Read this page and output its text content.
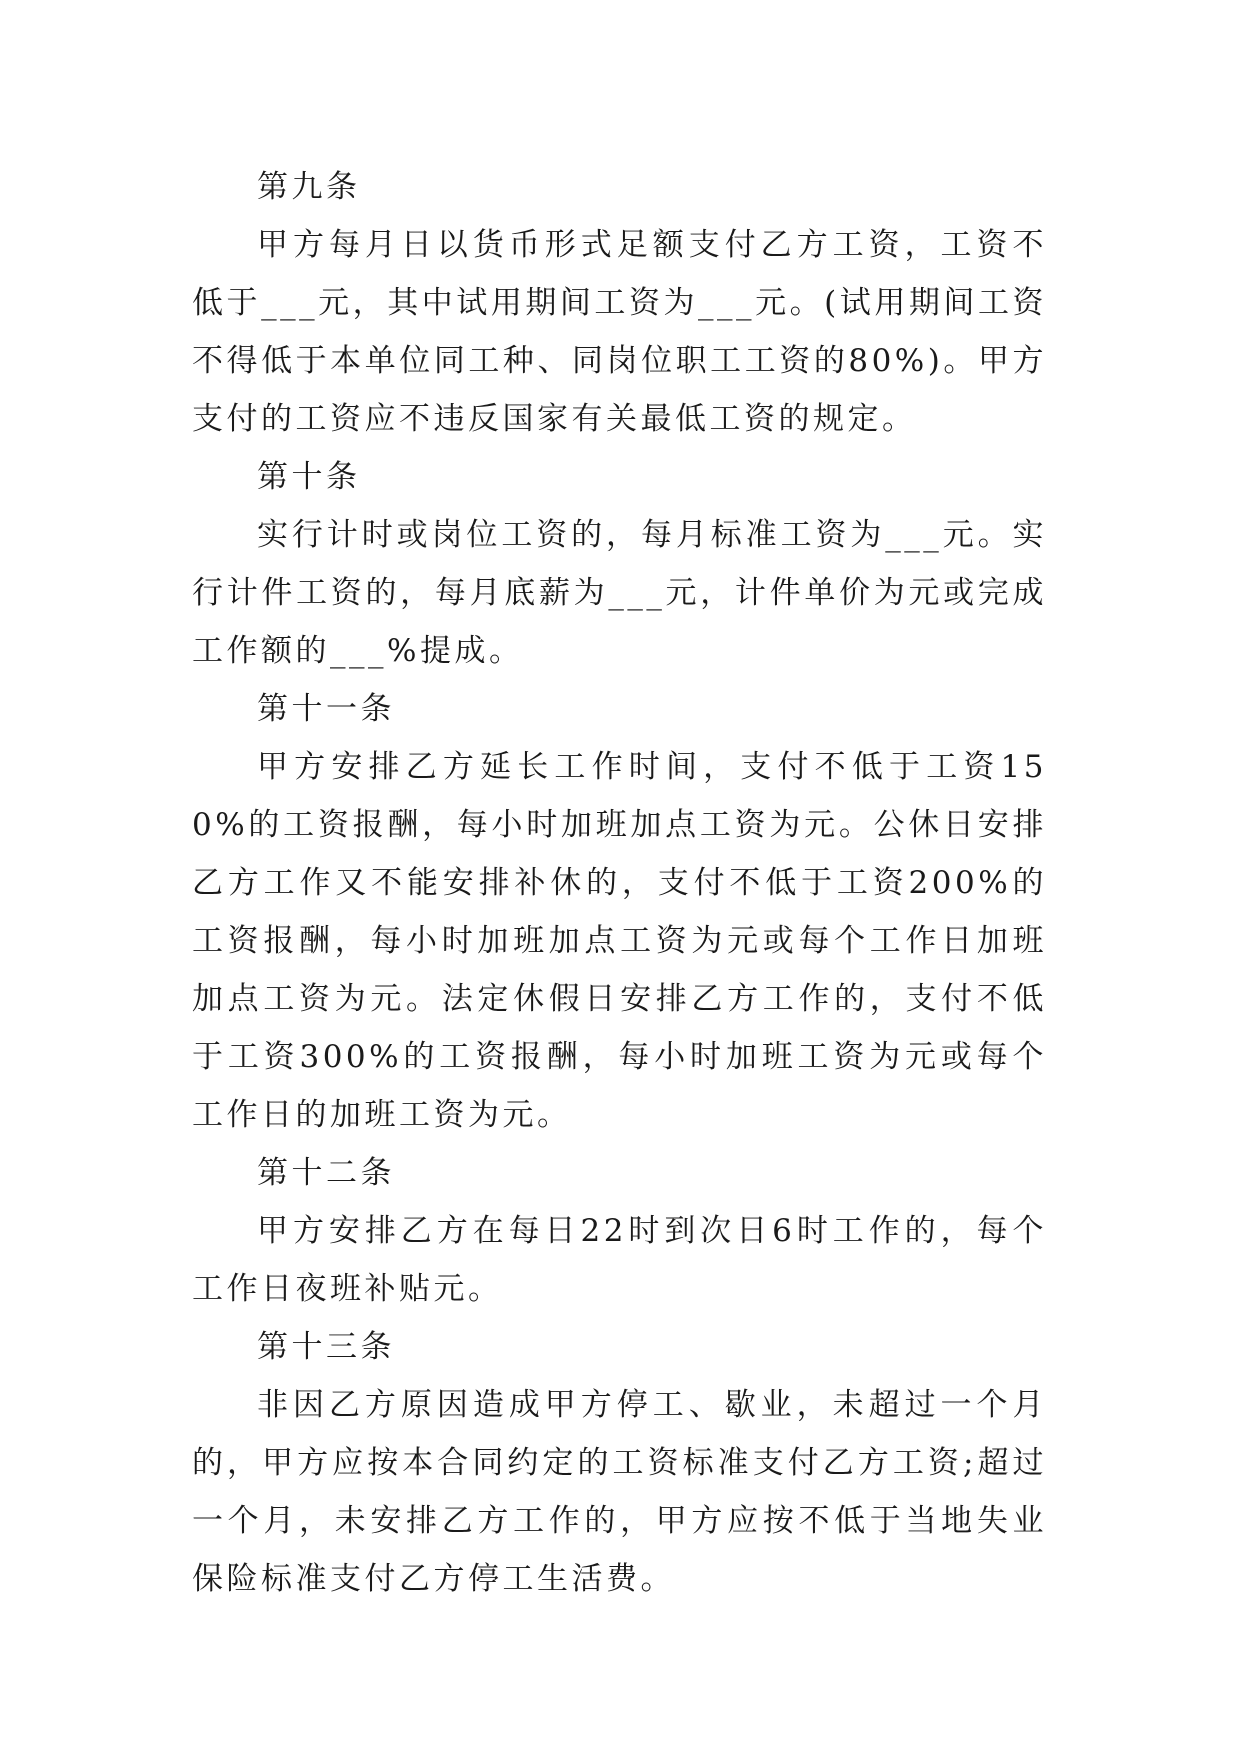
第九条

甲方每月日以货币形式足额支付乙方工资，工资不低于___元，其中试用期间工资为___元。(试用期间工资不得低于本单位同工种、同岗位职工工资的80%)。甲方支付的工资应不违反国家有关最低工资的规定。

第十条

实行计时或岗位工资的，每月标准工资为___元。实行计件工资的，每月底薪为___元，计件单价为元或完成工作额的___%提成。

第十一条

甲方安排乙方延长工作时间，支付不低于工资150%的工资报酬，每小时加班加点工资为元。公休日安排乙方工作又不能安排补休的，支付不低于工资200%的工资报酬，每小时加班加点工资为元或每个工作日加班加点工资为元。法定休假日安排乙方工作的，支付不低于工资300%的工资报酬，每小时加班工资为元或每个工作日的加班工资为元。

第十二条

甲方安排乙方在每日22时到次日6时工作的，每个工作日夜班补贴元。

第十三条

非因乙方原因造成甲方停工、歇业，未超过一个月的，甲方应按本合同约定的工资标准支付乙方工资;超过一个月，未安排乙方工作的，甲方应按不低于当地失业保险标准支付乙方停工生活费。
